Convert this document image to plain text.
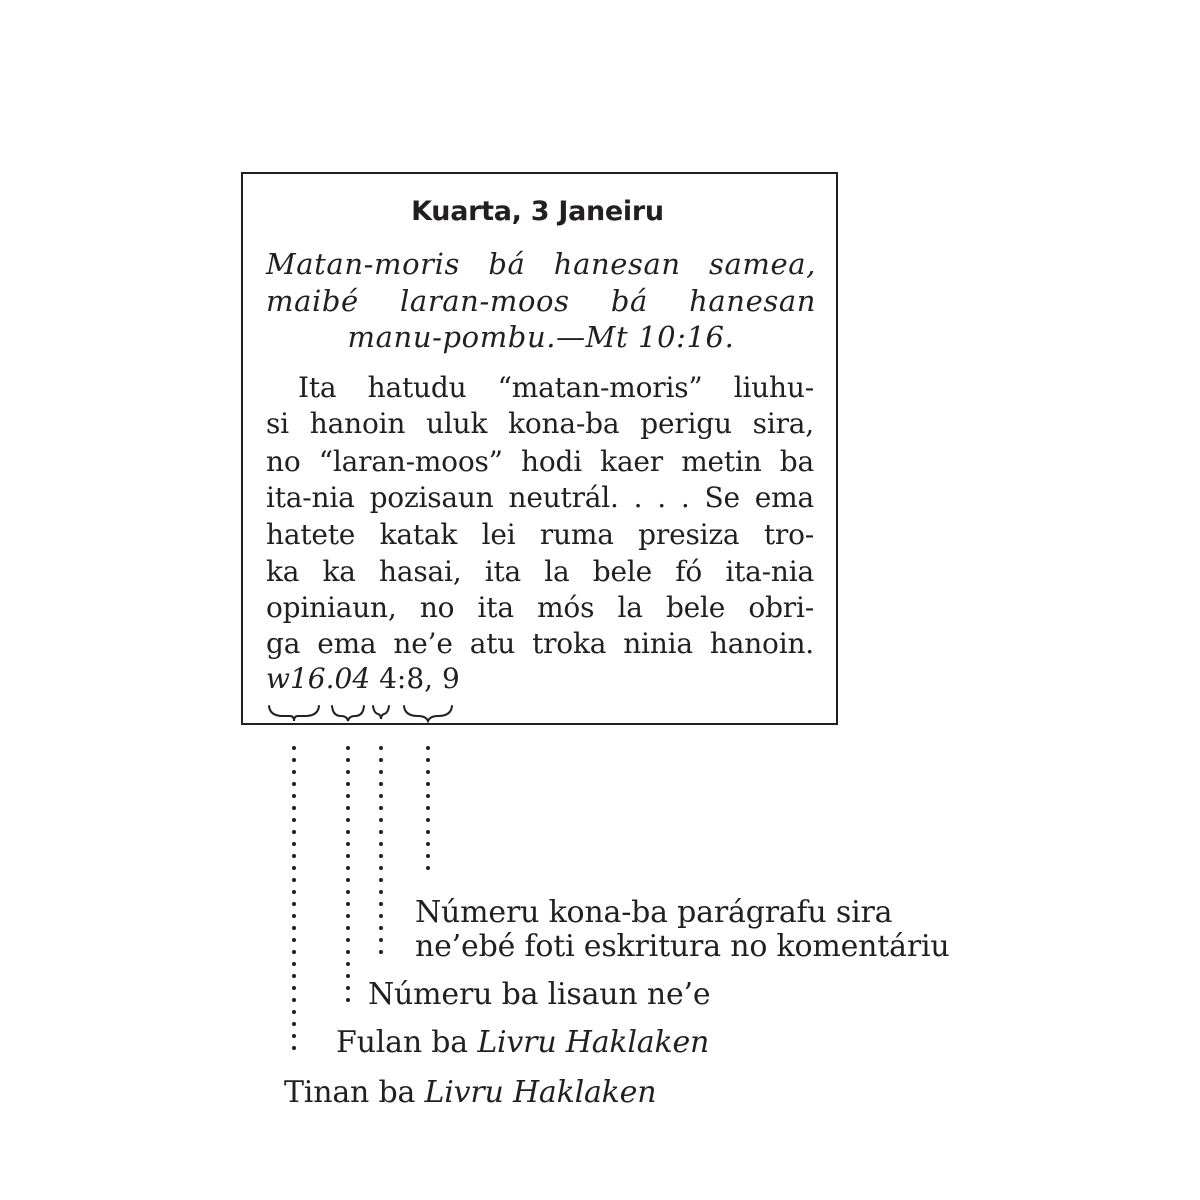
Kuarta, 3 Janeiru
Matan-moris bá hanesan samea,
maibé laran-moos bá hanesan
manu-pombu.—Mt 10:16.
Ita hatudu “matan-moris” liuhu-
si hanoin uluk kona-ba perigu sira,
no “laran-moos” hodi kaer metin ba
ita-nia pozisaun neutrál. . . . Se ema
hatete katak lei ruma presiza tro-
ka ka hasai, ita la bele fó ita-nia
opiniaun, no ita mós la bele obri-
ga ema ne’e atu troka ninia hanoin.
w16.04 4:8, 9
Númeru kona-ba parágrafu sira
ne’ebé foti eskritura no komentáriu
Númeru ba lisaun ne’e
Fulan ba Livru Haklaken
Tinan ba Livru Haklaken
